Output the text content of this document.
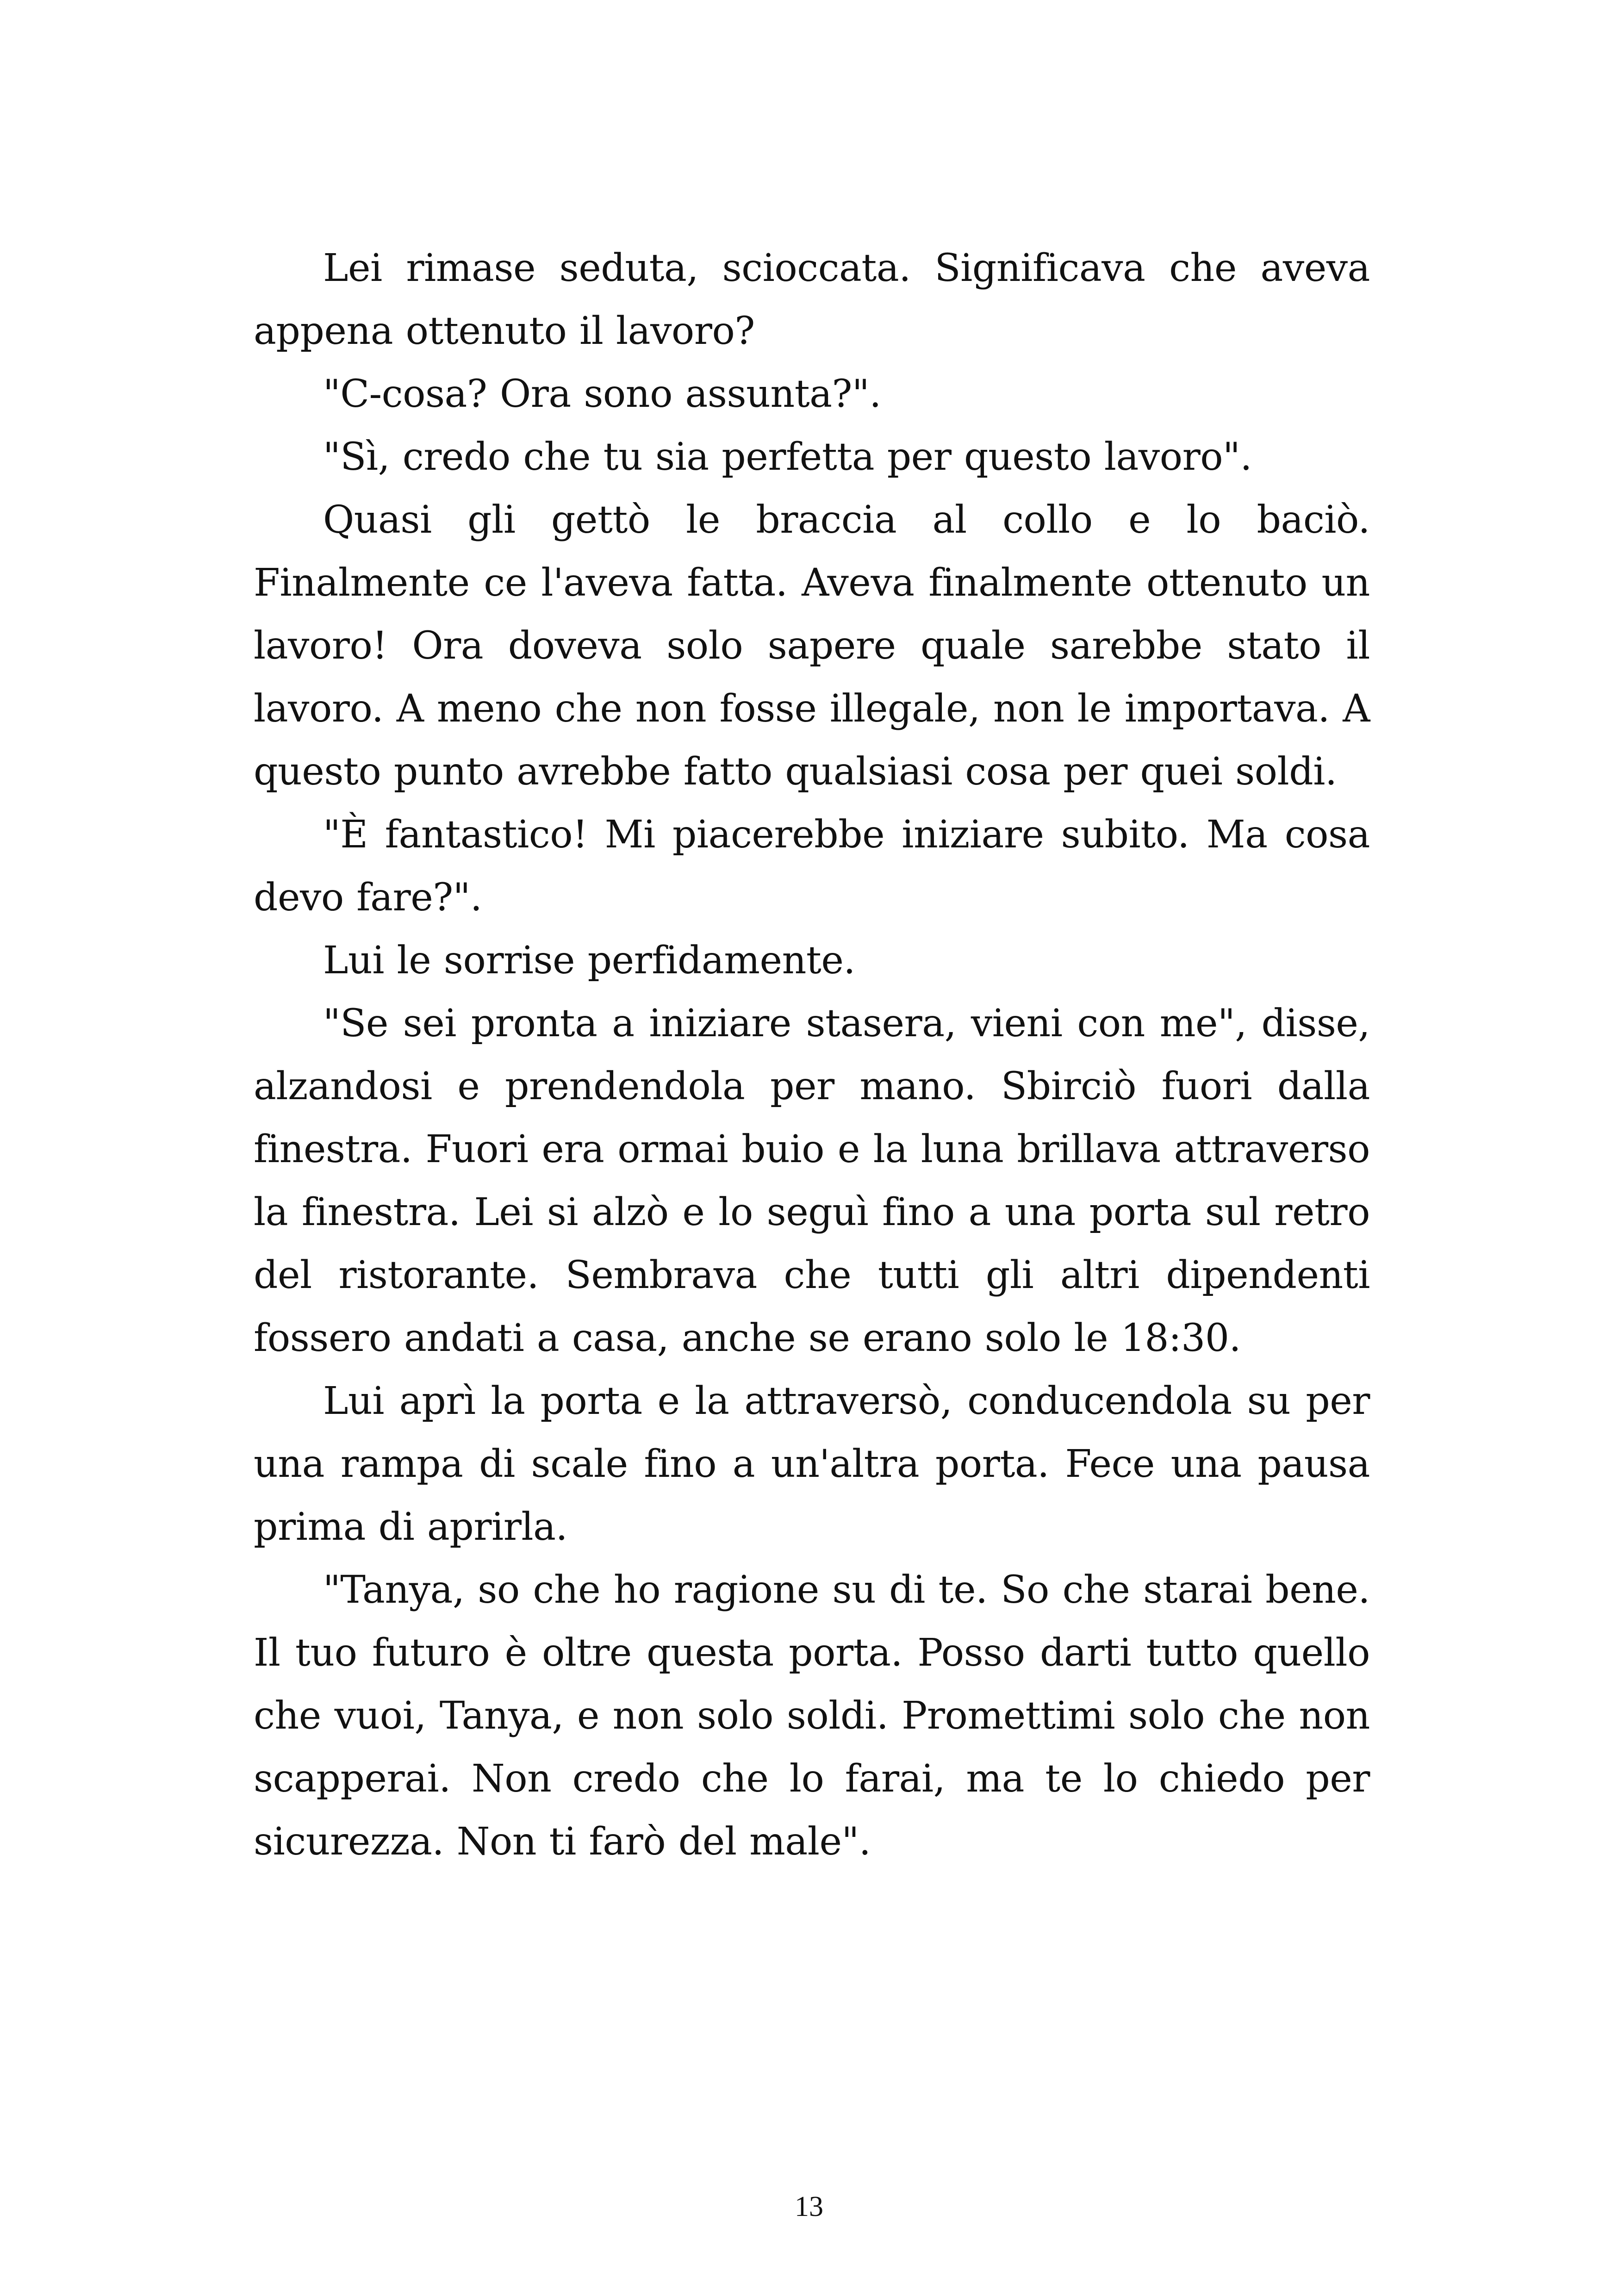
Lei rimase seduta, scioccata. Significava che aveva appena ottenuto il lavoro?

"C-cosa? Ora sono assunta?".

"Sì, credo che tu sia perfetta per questo lavoro".

Quasi gli gettò le braccia al collo e lo baciò. Finalmente ce l'aveva fatta. Aveva finalmente ottenuto un lavoro! Ora doveva solo sapere quale sarebbe stato il lavoro. A meno che non fosse illegale, non le importava. A questo punto avrebbe fatto qualsiasi cosa per quei soldi.

"È fantastico! Mi piacerebbe iniziare subito. Ma cosa devo fare?".

Lui le sorrise perfidamente.

"Se sei pronta a iniziare stasera, vieni con me", disse, alzandosi e prendendola per mano. Sbirciò fuori dalla finestra. Fuori era ormai buio e la luna brillava attraverso la finestra. Lei si alzò e lo seguì fino a una porta sul retro del ristorante. Sembrava che tutti gli altri dipendenti fossero andati a casa, anche se erano solo le 18:30.

Lui aprì la porta e la attraversò, conducendola su per una rampa di scale fino a un'altra porta. Fece una pausa prima di aprirla.

"Tanya, so che ho ragione su di te. So che starai bene. Il tuo futuro è oltre questa porta. Posso darti tutto quello che vuoi, Tanya, e non solo soldi. Promettimi solo che non scapperai. Non credo che lo farai, ma te lo chiedo per sicurezza. Non ti farò del male".

13
